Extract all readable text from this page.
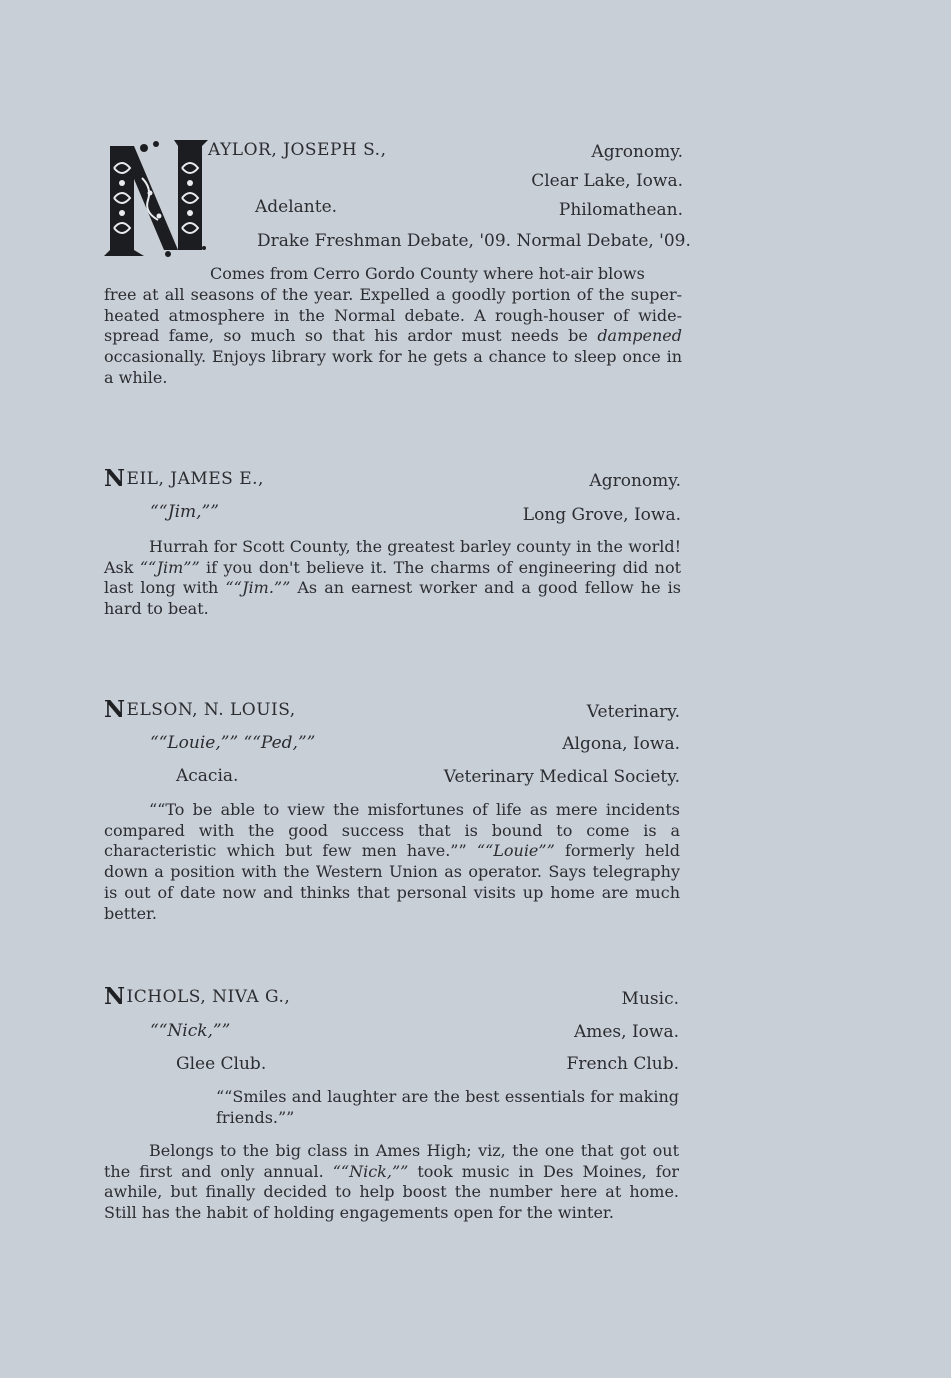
AYLOR, JOSEPH S.,	Agronomy.
Clear Lake, Iowa.
Adelante.	Philomathean.
Drake Freshman Debate, '09. Normal Debate, '09.
Comes from Cerro Gordo County where hot-air blows
free at all seasons of the year. Expelled a goodly portion of the super-heated atmosphere in the Normal debate. A rough-houser of wide-spread fame, so much so that his ardor must needs be dampened occasionally. Enjoys library work for he gets a chance to sleep once in a while.
NEIL, JAMES E.,	Agronomy.
““Jim,””	Long Grove, Iowa.
Hurrah for Scott County, the greatest barley county in the world! Ask ““Jim”” if you don't believe it. The charms of engineering did not last long with ““Jim.”” As an earnest worker and a good fellow he is hard to beat.
NELSON, N. LOUIS,	Veterinary.
““Louie,”” ““Ped,””	Algona, Iowa.
Acacia.	Veterinary Medical Society.
““To be able to view the misfortunes of life as mere incidents compared with the good success that is bound to come is a characteristic which but few men have.”” ““Louie”” formerly held down a position with the Western Union as operator. Says telegraphy is out of date now and thinks that personal visits up home are much better.
NICHOLS, NIVA G.,	Music.
““Nick,””	Ames, Iowa.
Glee Club.	French Club.
““Smiles and laughter are the best essentials for making friends.””
Belongs to the big class in Ames High; viz, the one that got out the first and only annual. ““Nick,”” took music in Des Moines, for awhile, but finally decided to help boost the number here at home. Still has the habit of holding engagements open for the winter.
